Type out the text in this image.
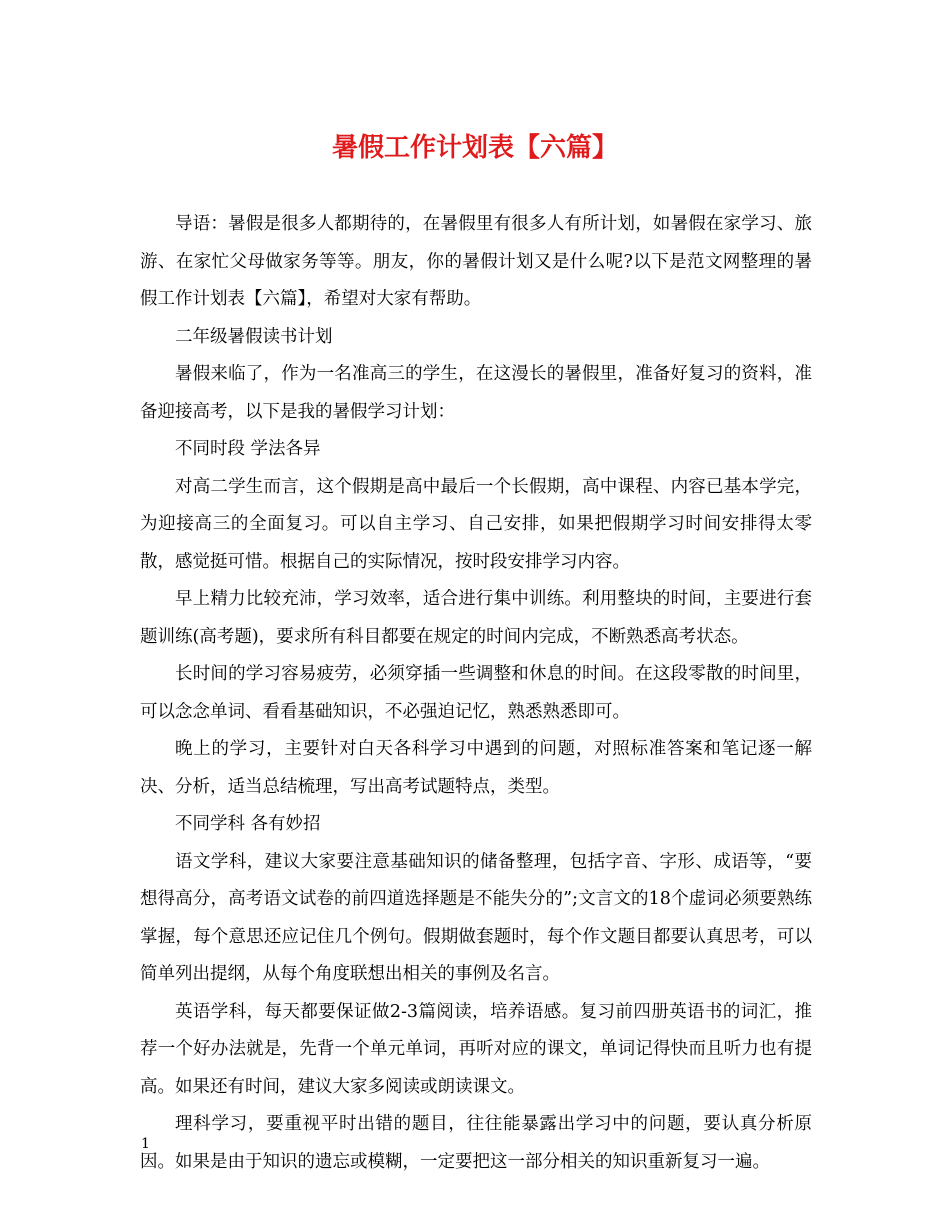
暑假工作计划表【六篇】

导语：暑假是很多人都期待的，在暑假里有很多人有所计划，如暑假在家学习、旅游、在家忙父母做家务等等。朋友，你的暑假计划又是什么呢?以下是范文网整理的暑假工作计划表【六篇】，希望对大家有帮助。

二年级暑假读书计划

暑假来临了，作为一名准高三的学生，在这漫长的暑假里，准备好复习的资料，准备迎接高考，以下是我的暑假学习计划：

不同时段 学法各异

对高二学生而言，这个假期是高中最后一个长假期，高中课程、内容已基本学完，为迎接高三的全面复习。可以自主学习、自己安排，如果把假期学习时间安排得太零散，感觉挺可惜。根据自己的实际情况，按时段安排学习内容。

早上精力比较充沛，学习效率，适合进行集中训练。利用整块的时间，主要进行套题训练(高考题)，要求所有科目都要在规定的时间内完成，不断熟悉高考状态。

长时间的学习容易疲劳，必须穿插一些调整和休息的时间。在这段零散的时间里，可以念念单词、看看基础知识，不必强迫记忆，熟悉熟悉即可。

晚上的学习，主要针对白天各科学习中遇到的问题，对照标准答案和笔记逐一解决、分析，适当总结梳理，写出高考试题特点，类型。

不同学科 各有妙招

语文学科，建议大家要注意基础知识的储备整理，包括字音、字形、成语等，“要想得高分，高考语文试卷的前四道选择题是不能失分的”;文言文的18个虚词必须要熟练掌握，每个意思还应记住几个例句。假期做套题时，每个作文题目都要认真思考，可以简单列出提纲，从每个角度联想出相关的事例及名言。

英语学科，每天都要保证做2-3篇阅读，培养语感。复习前四册英语书的词汇，推荐一个好办法就是，先背一个单元单词，再听对应的课文，单词记得快而且听力也有提高。如果还有时间，建议大家多阅读或朗读课文。

理科学习，要重视平时出错的题目，往往能暴露出学习中的问题，要认真分析原因。如果是由于知识的遗忘或模糊，一定要把这一部分相关的知识重新复习一遍。

1
